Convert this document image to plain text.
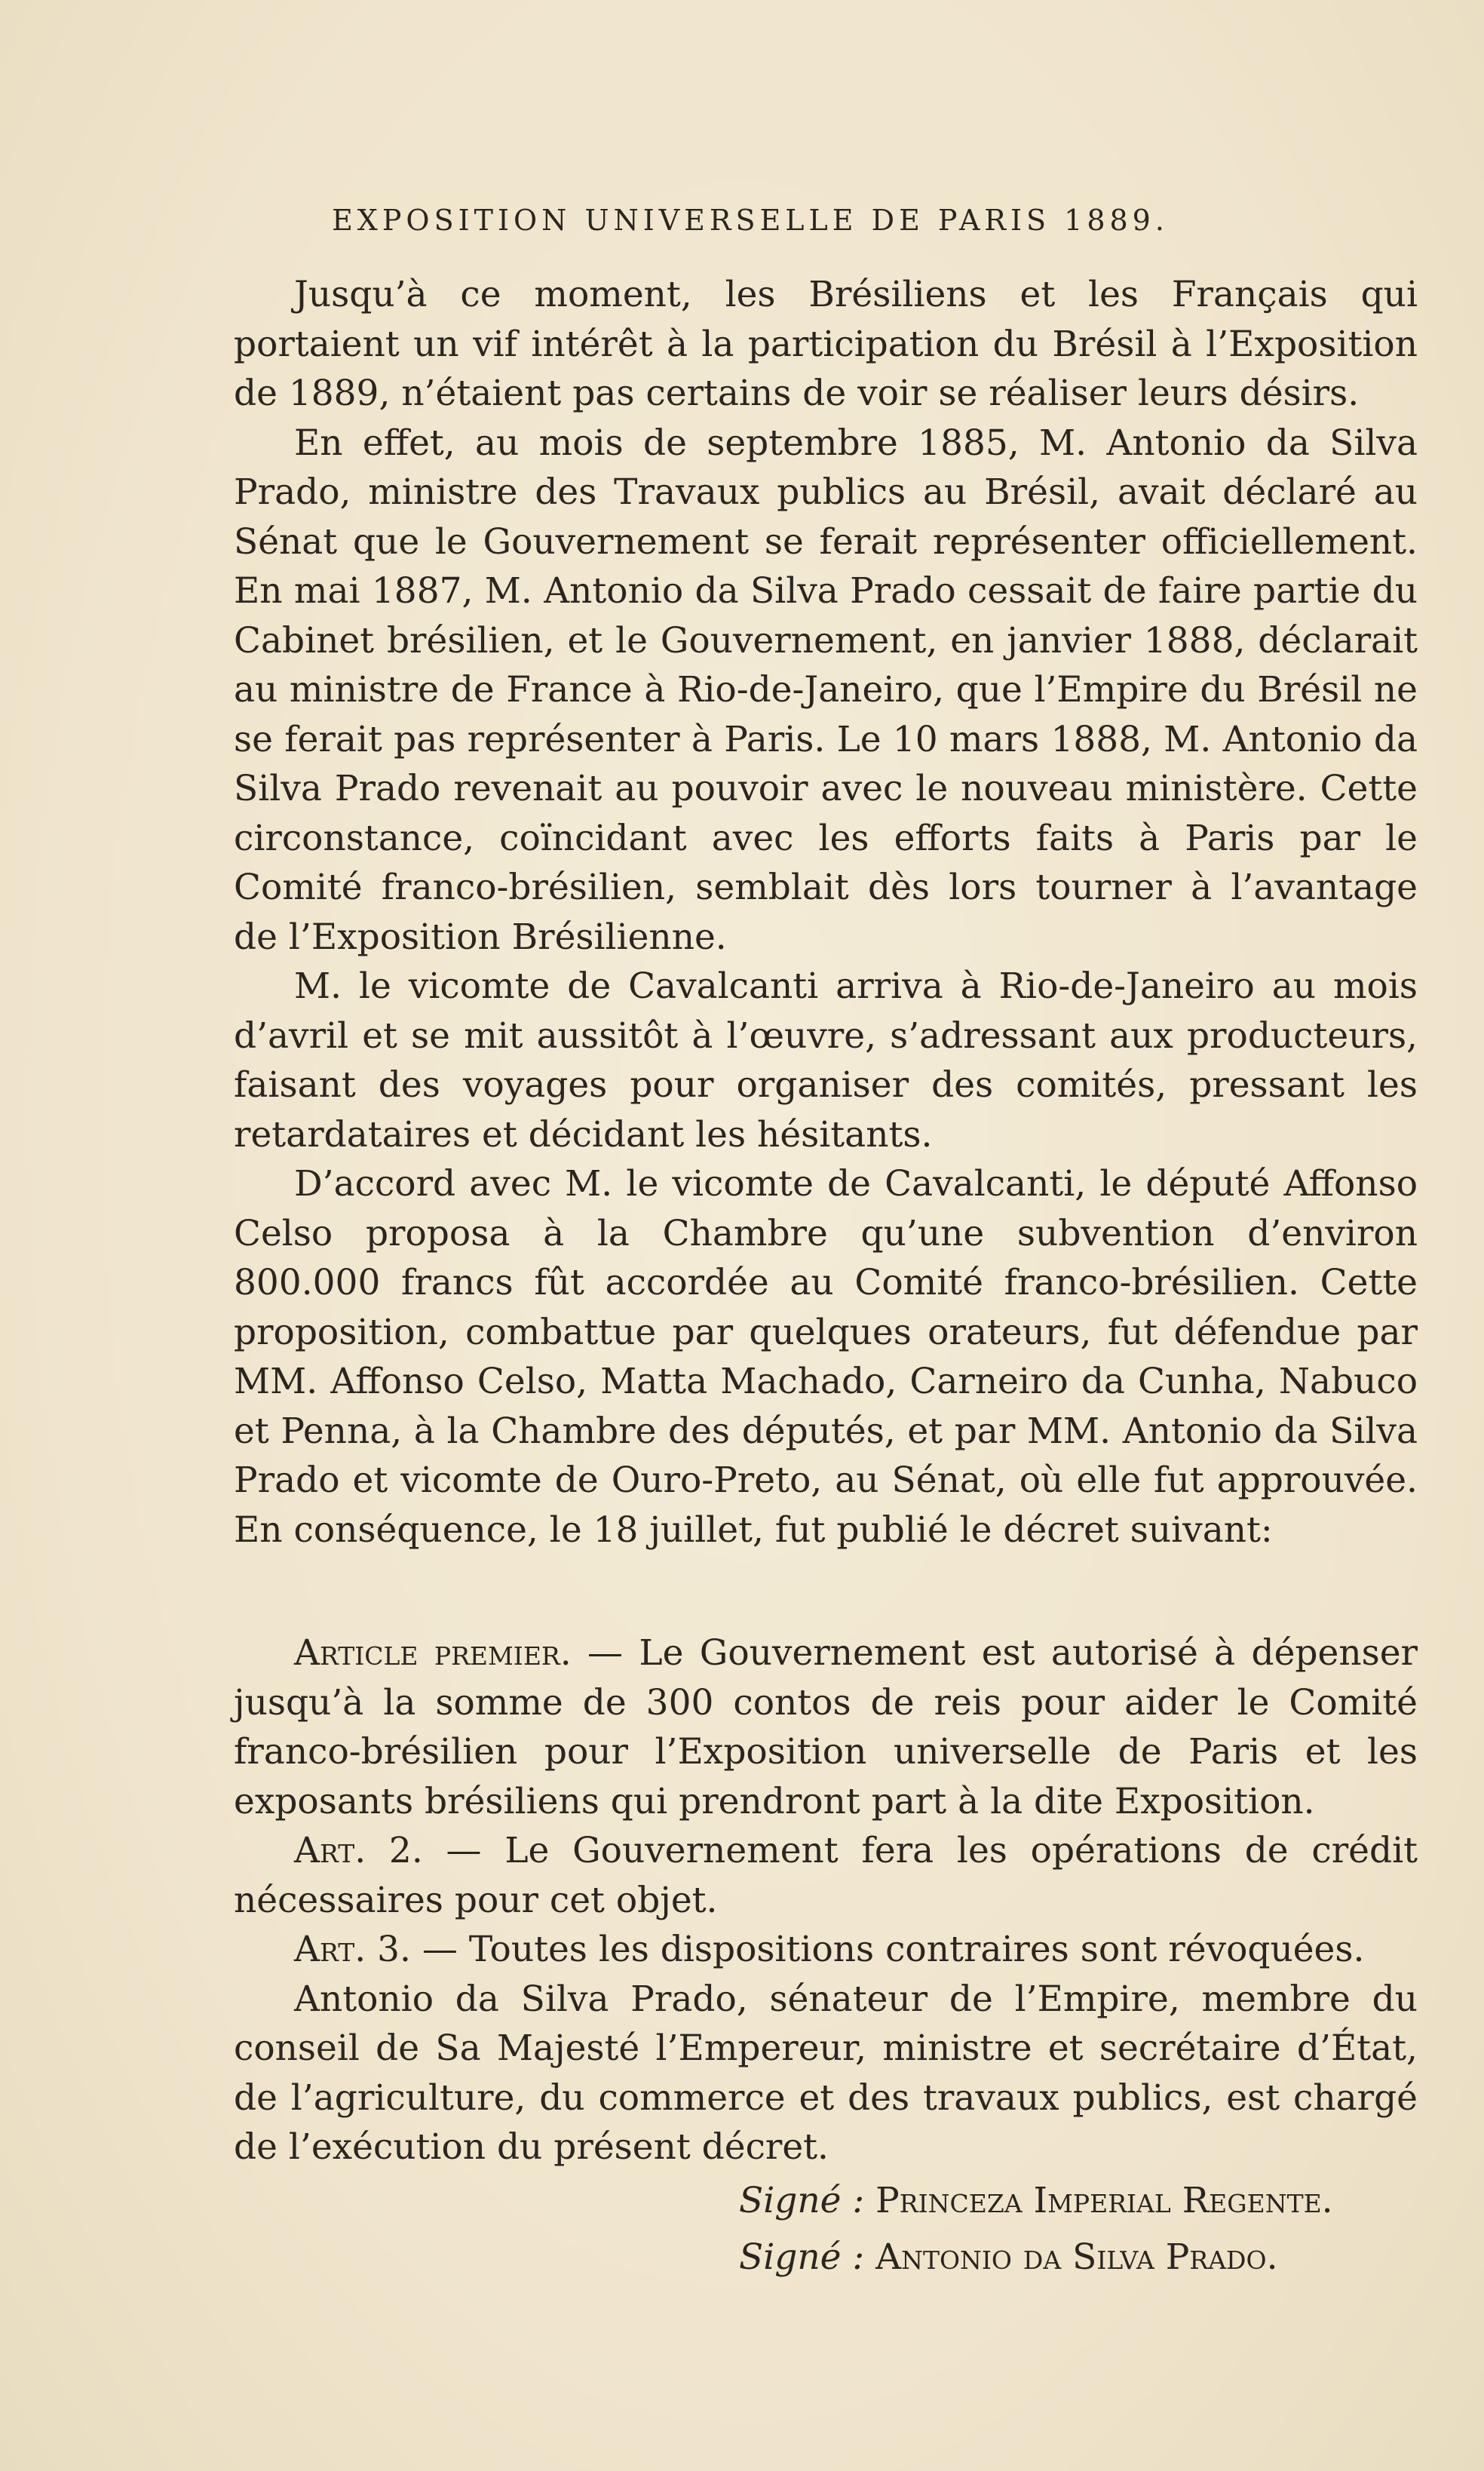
EXPOSITION UNIVERSELLE DE PARIS 1889.

Jusqu’à ce moment, les Brésiliens et les Français qui portaient un vif intérêt à la participation du Brésil à l’Exposition de 1889, n’étaient pas certains de voir se réaliser leurs désirs.

En effet, au mois de septembre 1885, M. Antonio da Silva Prado, ministre des Travaux publics au Brésil, avait déclaré au Sénat que le Gouvernement se ferait représenter officiellement. En mai 1887, M. Antonio da Silva Prado cessait de faire partie du Cabinet brésilien, et le Gouvernement, en janvier 1888, déclarait au ministre de France à Rio-de-Janeiro, que l’Empire du Brésil ne se ferait pas représenter à Paris. Le 10 mars 1888, M. Antonio da Silva Prado revenait au pouvoir avec le nouveau ministère. Cette circonstance, coïncidant avec les efforts faits à Paris par le Comité franco-brésilien, semblait dès lors tourner à l’avantage de l’Exposition Brésilienne.

M. le vicomte de Cavalcanti arriva à Rio-de-Janeiro au mois d’avril et se mit aussitôt à l’œuvre, s’adressant aux producteurs, faisant des voyages pour organiser des comités, pressant les retardataires et décidant les hésitants.

D’accord avec M. le vicomte de Cavalcanti, le député Affonso Celso proposa à la Chambre qu’une subvention d’environ 800.000 francs fût accordée au Comité franco-brésilien. Cette proposition, combattue par quelques orateurs, fut défendue par MM. Affonso Celso, Matta Machado, Carneiro da Cunha, Nabuco et Penna, à la Chambre des députés, et par MM. Antonio da Silva Prado et vicomte de Ouro-Preto, au Sénat, où elle fut approuvée. En conséquence, le 18 juillet, fut publié le décret suivant:

Article premier. — Le Gouvernement est autorisé à dépenser jusqu’à la somme de 300 contos de reis pour aider le Comité franco-brésilien pour l’Exposition universelle de Paris et les exposants brésiliens qui prendront part à la dite Exposition.

Art. 2. — Le Gouvernement fera les opérations de crédit nécessaires pour cet objet.

Art. 3. — Toutes les dispositions contraires sont révoquées.

Antonio da Silva Prado, sénateur de l’Empire, membre du conseil de Sa Majesté l’Empereur, ministre et secrétaire d’État, de l’agriculture, du commerce et des travaux publics, est chargé de l’exécution du présent décret.

Signé : Princeza Imperial Regente.
Signé : Antonio da Silva Prado.
